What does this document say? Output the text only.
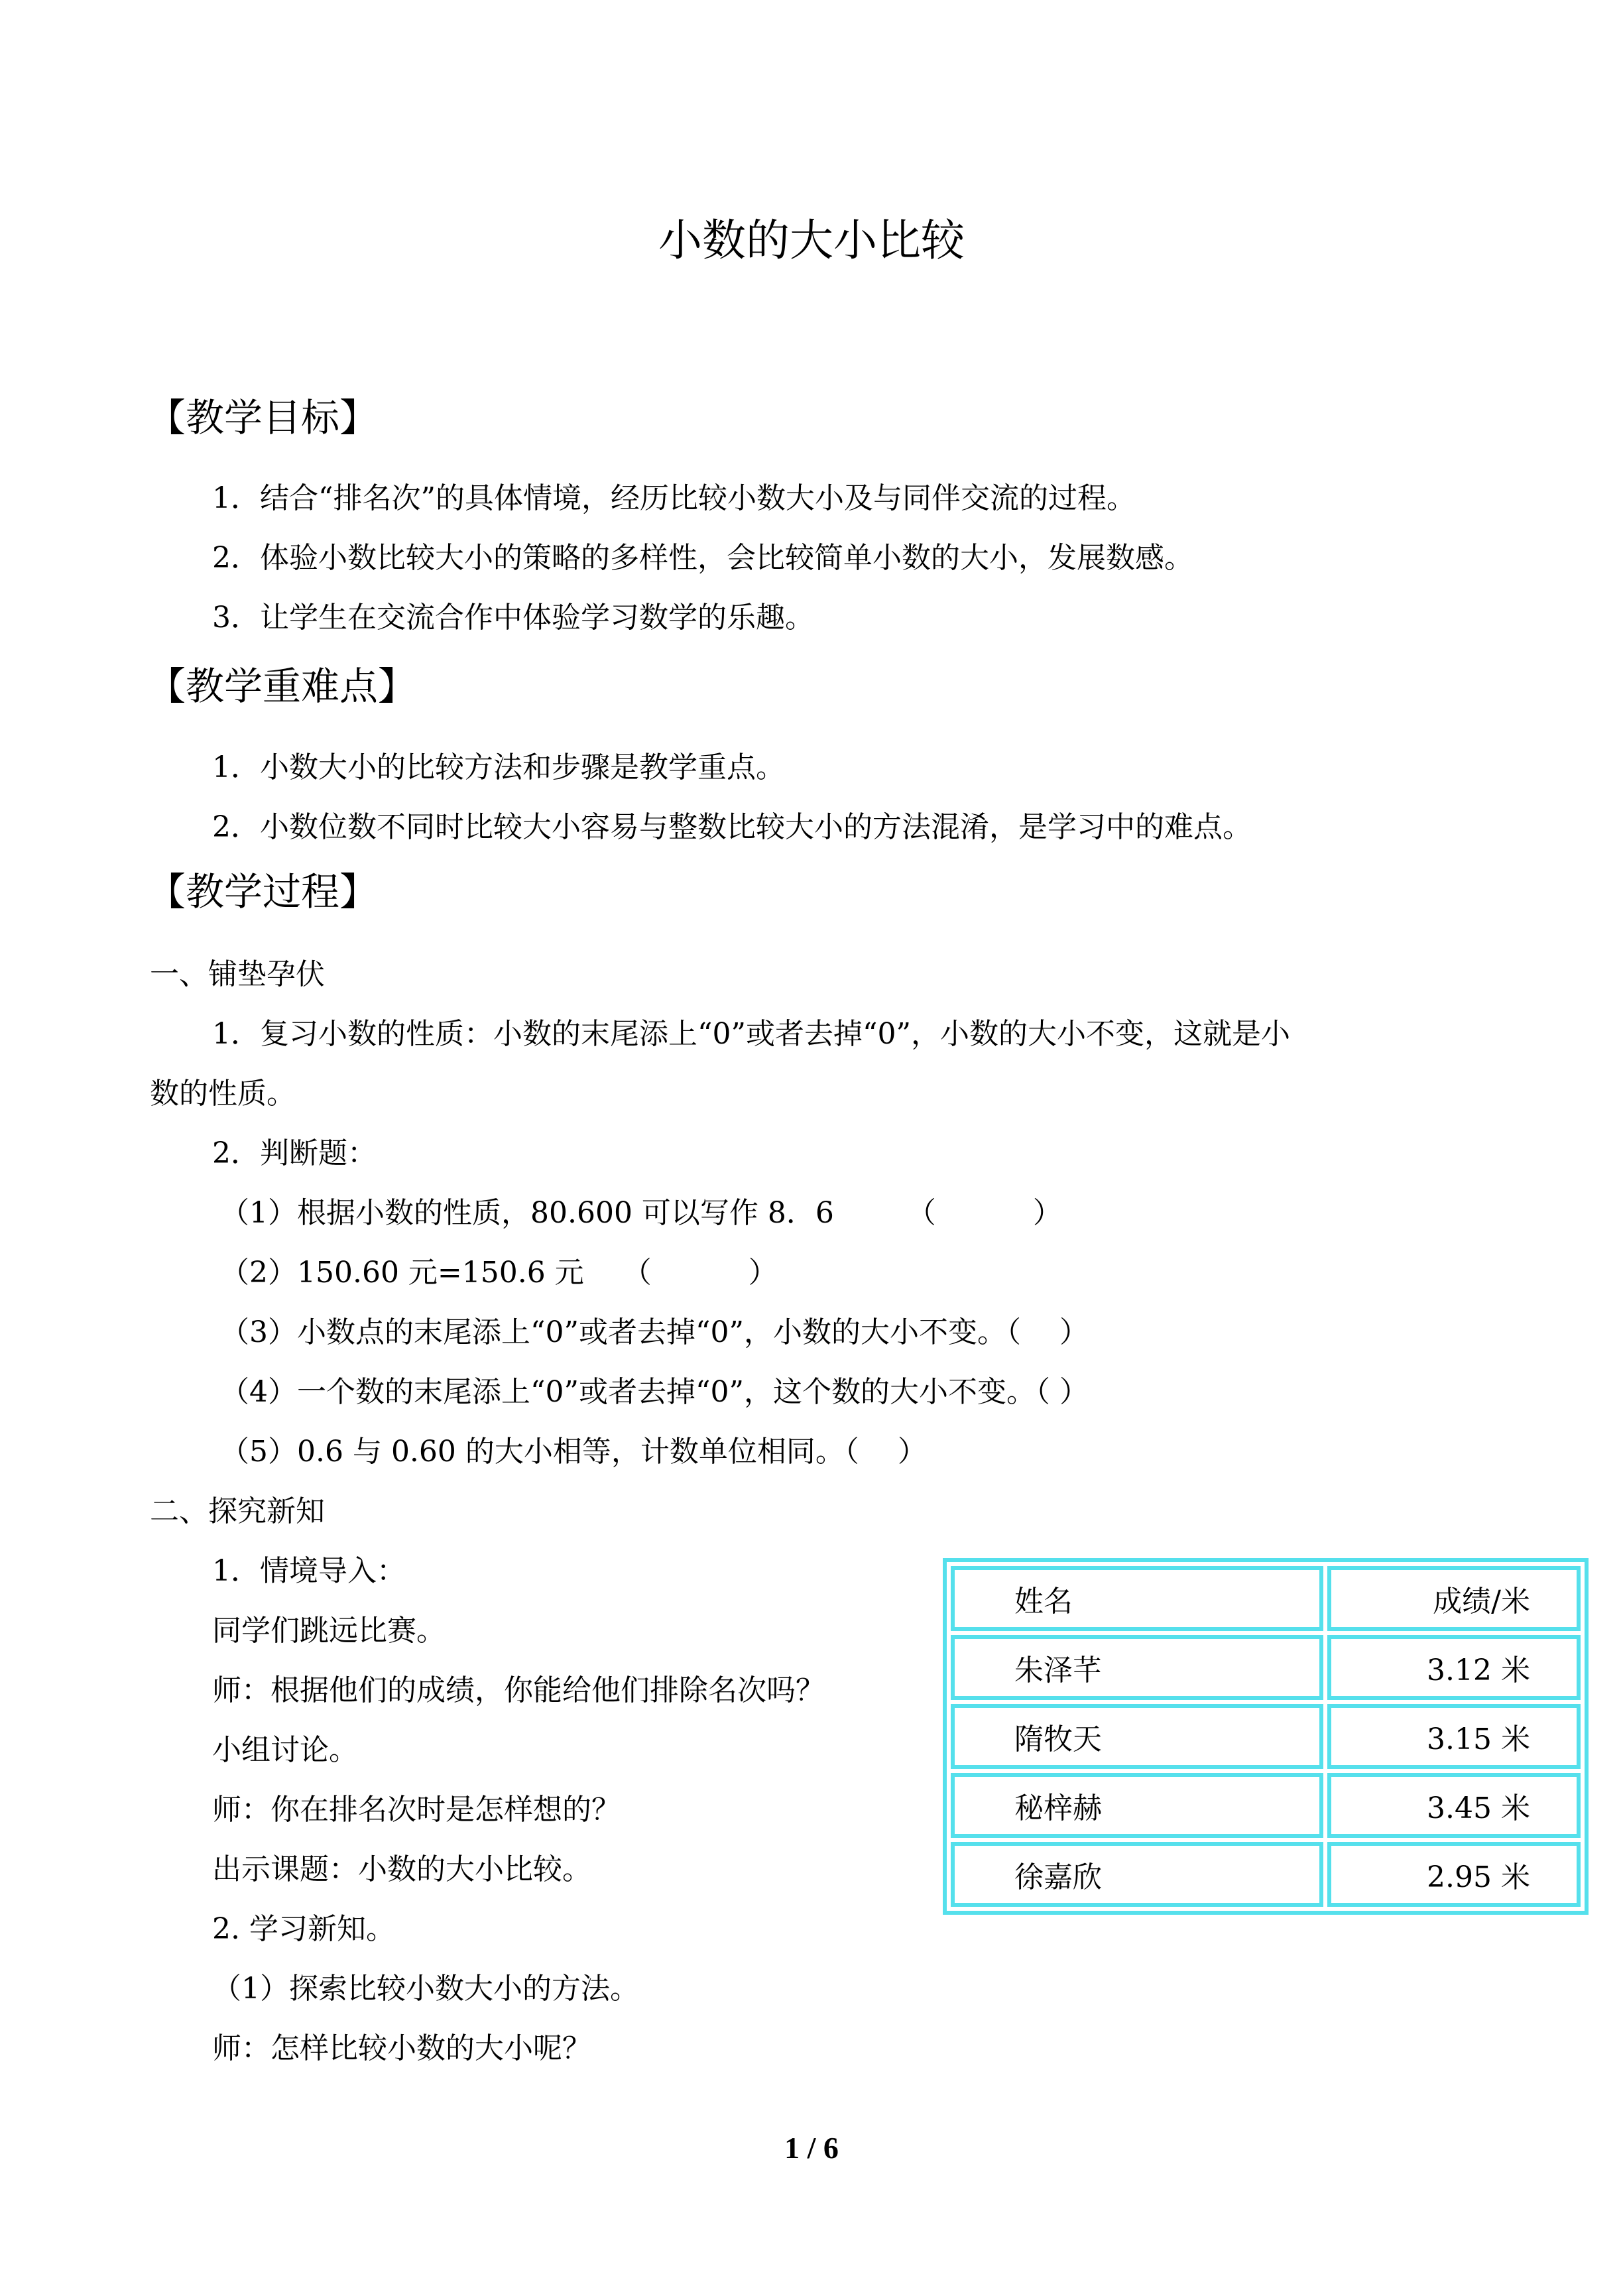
小数的大小比较
【教学目标】
1．结合“排名次”的具体情境，经历比较小数大小及与同伴交流的过程。
2．体验小数比较大小的策略的多样性，会比较简单小数的大小，发展数感。
3．让学生在交流合作中体验学习数学的乐趣。
【教学重难点】
1．小数大小的比较方法和步骤是教学重点。
2．小数位数不同时比较大小容易与整数比较大小的方法混淆，是学习中的难点。
【教学过程】
一、铺垫孕伏
1．复习小数的性质：小数的末尾添上“0”或者去掉“0”，小数的大小不变，这就是小
数的性质。
2．判断题：
（1）根据小数的性质，80.600 可以写作 8．6　　　（　　　 ）
（2）150.60 元=150.6 元　 （　　　 ）
（3）小数点的末尾添上“0”或者去掉“0”，小数的大小不变。（　 ）
（4）一个数的末尾添上“0”或者去掉“0”，这个数的大小不变。（ ）
（5）0.6 与 0.60 的大小相等，计数单位相同。（　 ）
二、探究新知
1．情境导入：
同学们跳远比赛。
师：根据他们的成绩，你能给他们排除名次吗？
小组讨论。
师：你在排名次时是怎样想的？
出示课题：小数的大小比较。
2. 学习新知。
（1）探索比较小数大小的方法。
师：怎样比较小数的大小呢？
姓名	成绩/米
朱泽芊	3.12 米
隋牧天	3.15 米
秘梓赫	3.45 米
徐嘉欣	2.95 米
1 / 6
